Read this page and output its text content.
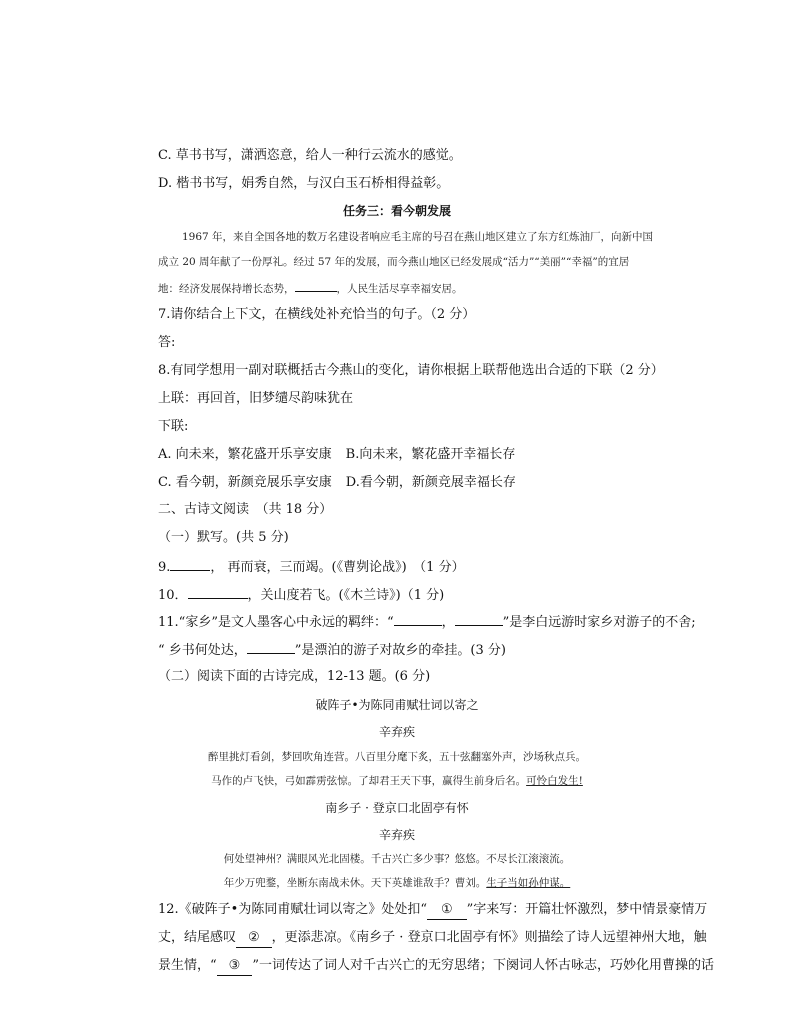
C. 草书书写，潇洒恣意，给人一种行云流水的感觉。
D. 楷书书写，娟秀自然，与汉白玉石桥相得益彰。
任务三：看今朝发展
1967 年，来自全国各地的数万名建设者响应毛主席的号召在燕山地区建立了东方红炼油厂，向新中国
成立 20 周年献了一份厚礼。经过 57 年的发展，而今燕山地区已经发展成“活力”“美丽”“幸福”的宜居
地：经济发展保持增长态势，	，人民生活尽享幸福安居。
7.请你结合上下文，在横线处补充恰当的句子。（2 分）
答:
8.有同学想用一副对联概括古今燕山的变化，请你根据上联帮他选出合适的下联（2 分）
上联：再回首，旧梦缱尽韵味犹在
下联:
A. 向未来，繁花盛开乐享安康 B.向未来，繁花盛开幸福长存
C. 看今朝，新颜竞展乐享安康 D.看今朝，新颜竞展幸福长存
二、古诗文阅读　（共 18 分）
（一）默写。(共 5 分)
9.	， 再而衰，三而竭。(《曹刿论战》)　（1 分）
10．	，关山度若飞。(《木兰诗》)（1 分)
11.“家乡”是文人墨客心中永远的羁绊：“	，	”是李白远游时家乡对游子的不舍;
“ 乡书何处达，	”是漂泊的游子对故乡的牵挂。(3 分)
（二）阅读下面的古诗完成，12-13 题。(6 分)
破阵子•为陈同甫赋壮词以寄之
辛弃疾
醉里挑灯看剑，梦回吹角连营。八百里分麾下炙，五十弦翻塞外声，沙场秋点兵。
马作的卢飞快，弓如霹雳弦惊。了却君王天下事，赢得生前身后名。可怜白发生!
南乡子 · 登京口北固亭有怀
辛弃疾
何处望神州？满眼风光北固楼。千古兴亡多少事？悠悠。不尽长江滚滚流。
年少万兜鍪，坐断东南战未休。天下英雄谁敌手？曹刘。生子当如孙仲谋。
12.《破阵子•为陈同甫赋壮词以寄之》处处扣“ ① ”字来写：开篇壮怀激烈，梦中情景豪情万
丈，结尾感叹 ② ，更添悲凉。《南乡子 · 登京口北固亭有怀》则描绘了诗人远望神州大地，触
景生情，“ ③ ”一词传达了词人对千古兴亡的无穷思绪；下阕词人怀古咏志，巧妙化用曹操的话
